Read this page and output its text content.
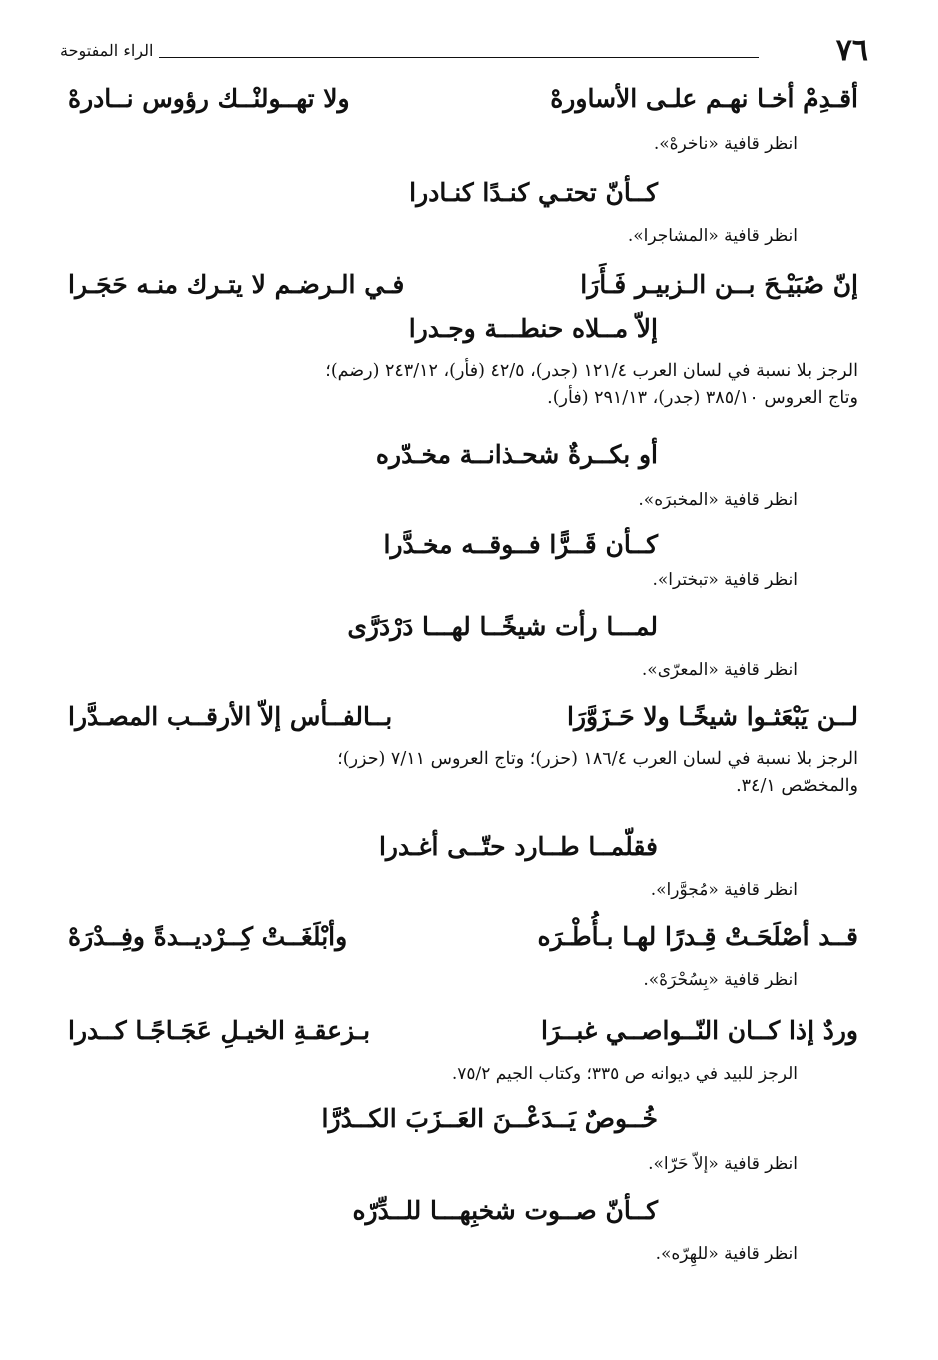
٧٦
الراء المفتوحة
أقـدِمْ أخـا نهـم علـى الأساورهْ
ولا تهــولنْــك رؤوس نــادرهْ
انظر قافية «ناخرهْ».
كــأنّ تحتـي كنـدًا كنـادرا
انظر قافية «المشاجرا».
إنّ صُبَيْـحَ بــن الـزبيـر فَـأَرَا
فـي الـرضـم لا يتـرك منـه حَجَـرا
إلاّ مــلاه حنطـــة وجـدرا
الرجز بلا نسبة في لسان العرب ١٢١/٤ (جدر)، ٤٢/٥ (فأر)، ٢٤٣/١٢ (رضم)؛
وتاج العروس ٣٨٥/١٠ (جدر)، ٢٩١/١٣ (فأر).
أو بكــرةٌ شحـذانــة مخـدّره
انظر قافية «المخبرَه».
كــأن قَــرًّا فــوقــه مخـدَّرا
انظر قافية «تبخترا».
لمـــا رأت شيخًــا لهـــا دَرْدَرَّى
انظر قافية «المعرّى».
لــن يَبْعَثـوا شيخًـا ولا حَـزَوَّرَا
بــالفــأس إلاّ الأرقــب المصـدَّرا
الرجز بلا نسبة في لسان العرب ١٨٦/٤ (حزر)؛ وتاج العروس ٧/١١ (حزر)؛
والمخصّص ٣٤/١.
فقلّمــا طــارد حتّــى أغـدرا
انظر قافية «مُجوَّرا».
قــد أصْلَحَـتْ قِـدرًا لهـا بـأُطْـرَه
وأبْلَغَــتْ كِــرْديــدةً وفِــدْرَهْ
انظر قافية «بِسُحْرَهْ».
وردٌ إذا كــان النّــواصــي غبــرَا
بـزعقـةِ الخيـلِ عَجَـاجًـا كــدرا
الرجز للبيد في ديوانه ص ٣٣٥؛ وكتاب الجيم ٧٥/٢.
خُــوصٌ يَــدَعْــنَ العَــزَبَ الكــدُرَّا
انظر قافية «إلاّ حَرّا».
كــأنّ صــوت شخبِهـــا للــدِّرّه
انظر قافية «للهِرّه».
